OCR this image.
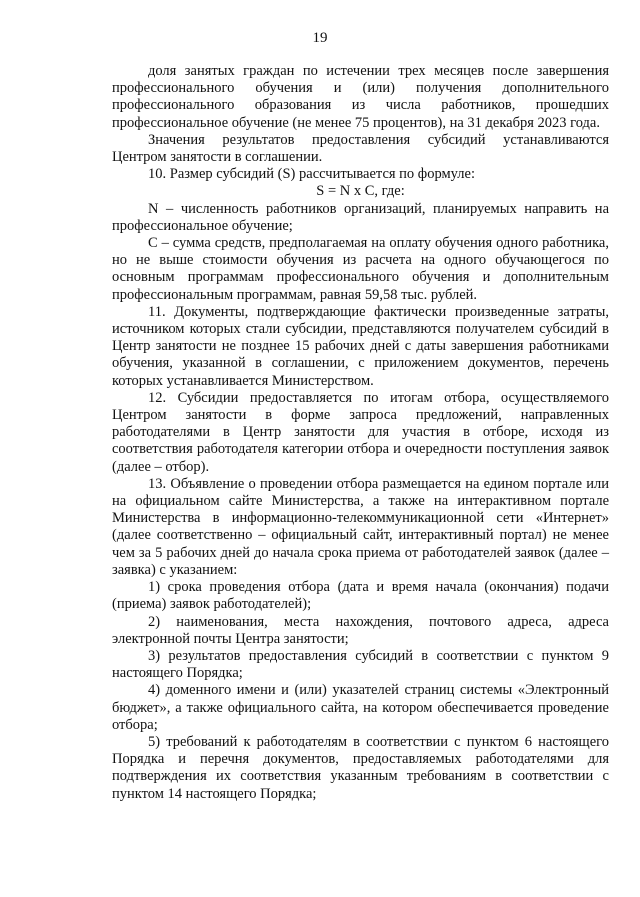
19

доля занятых граждан по истечении трех месяцев после завершения профессионального обучения и (или) получения дополнительного профессионального образования из числа работников, прошедших профессиональное обучение (не менее 75 процентов), на 31 декабря 2023 года.

Значения результатов предоставления субсидий устанавливаются Центром занятости в соглашении.

10. Размер субсидий (S) рассчитывается по формуле:

S = N x C, где:

N – численность работников организаций, планируемых направить на профессиональное обучение;

C – сумма средств, предполагаемая на оплату обучения одного работника, но не выше стоимости обучения из расчета на одного обучающегося по основным программам профессионального обучения и дополнительным профессиональным программам, равная 59,58 тыс. рублей.

11. Документы, подтверждающие фактически произведенные затраты, источником которых стали субсидии, представляются получателем субсидий в Центр занятости не позднее 15 рабочих дней с даты завершения работниками обучения, указанной в соглашении, с приложением документов, перечень которых устанавливается Министерством.

12. Субсидии предоставляется по итогам отбора, осуществляемого Центром занятости в форме запроса предложений, направленных работодателями в Центр занятости для участия в отборе, исходя из соответствия работодателя категории отбора и очередности поступления заявок (далее – отбор).

13. Объявление о проведении отбора размещается на едином портале или на официальном сайте Министерства, а также на интерактивном портале Министерства в информационно-телекоммуникационной сети «Интернет» (далее соответственно – официальный сайт, интерактивный портал) не менее чем за 5 рабочих дней до начала срока приема от работодателей заявок (далее – заявка) с указанием:

1) срока проведения отбора (дата и время начала (окончания) подачи (приема) заявок работодателей);

2) наименования, места нахождения, почтового адреса, адреса электронной почты Центра занятости;

3) результатов предоставления субсидий в соответствии с пунктом 9 настоящего Порядка;

4) доменного имени и (или) указателей страниц системы «Электронный бюджет», а также официального сайта, на котором обеспечивается проведение отбора;

5) требований к работодателям в соответствии с пунктом 6 настоящего Порядка и перечня документов, предоставляемых работодателями для подтверждения их соответствия указанным требованиям в соответствии с пунктом 14 настоящего Порядка;
